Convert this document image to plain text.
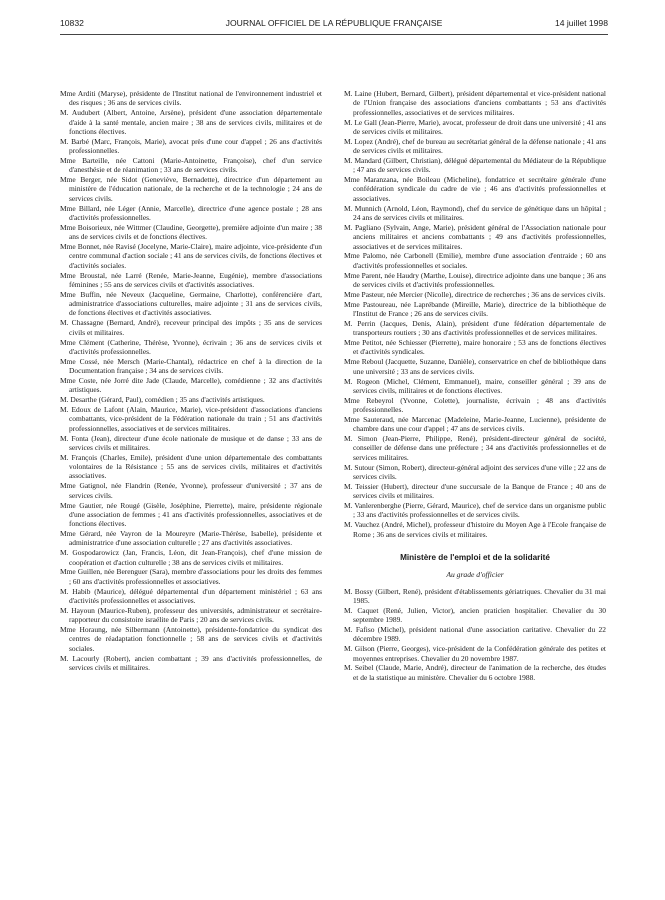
10832	JOURNAL OFFICIEL DE LA RÉPUBLIQUE FRANÇAISE	14 juillet 1998

Mme Arditi (Maryse), présidente de l'Institut national de l'environnement industriel et des risques ; 36 ans de services civils.

M. Audubert (Albert, Antoine, Arsène), président d'une association départementale d'aide à la santé mentale, ancien maire ; 38 ans de services civils, militaires et de fonctions électives.

M. Barbé (Marc, François, Marie), avocat près d'une cour d'appel ; 26 ans d'activités professionnelles.

Mme Barteille, née Cattoni (Marie-Antoinette, Françoise), chef d'un service d'anesthésie et de réanimation ; 33 ans de services civils.

Mme Berger, née Sidot (Geneviève, Bernadette), directrice d'un département au ministère de l'éducation nationale, de la recherche et de la technologie ; 24 ans de services civils.

Mme Billard, née Léger (Annie, Marcelle), directrice d'une agence postale ; 28 ans d'activités professionnelles.

Mme Boisorieux, née Wittmer (Claudine, Georgette), première adjointe d'un maire ; 38 ans de services civils et de fonctions électives.

Mme Bonnet, née Ravisé (Jocelyne, Marie-Claire), maire adjointe, vice-présidente d'un centre communal d'action sociale ; 41 ans de services civils, de fonctions électives et d'activités sociales.

Mme Broustal, née Larré (Renée, Marie-Jeanne, Eugénie), membre d'associations féminines ; 55 ans de services civils et d'activités associatives.

Mme Buffin, née Neveux (Jacqueline, Germaine, Charlotte), conférencière d'art, administratrice d'associations culturelles, maire adjointe ; 31 ans de services civils, de fonctions électives et d'activités associatives.

M. Chassagne (Bernard, André), receveur principal des impôts ; 35 ans de services civils et militaires.

Mme Clément (Catherine, Thérèse, Yvonne), écrivain ; 36 ans de services civils et d'activités professionnelles.

Mme Cossé, née Mersch (Marie-Chantal), rédactrice en chef à la direction de la Documentation française ; 34 ans de services civils.

Mme Coste, née Jorré dite Jade (Claude, Marcelle), comédienne ; 32 ans d'activités artistiques.

M. Desarthe (Gérard, Paul), comédien ; 35 ans d'activités artistiques.

M. Edoux de Lafont (Alain, Maurice, Marie), vice-président d'associations d'anciens combattants, vice-président de la Fédération nationale du train ; 51 ans d'activités professionnelles, associatives et de services militaires.

M. Fonta (Jean), directeur d'une école nationale de musique et de danse ; 33 ans de services civils et militaires.

M. François (Charles, Emile), président d'une union départementale des combattants volontaires de la Résistance ; 55 ans de services civils, militaires et d'activités associatives.

Mme Gatignol, née Flandrin (Renée, Yvonne), professeur d'université ; 37 ans de services civils.

Mme Gautier, née Rougé (Gisèle, Joséphine, Pierrette), maire, présidente régionale d'une association de femmes ; 41 ans d'activités professionnelles, associatives et de fonctions électives.

Mme Gérard, née Vayron de la Moureyre (Marie-Thérèse, Isabelle), présidente et administratrice d'une association culturelle ; 27 ans d'activités associatives.

M. Gospodarowicz (Jan, Francis, Léon, dit Jean-François), chef d'une mission de coopération et d'action culturelle ; 38 ans de services civils et militaires.

Mme Guillen, née Berenguer (Sara), membre d'associations pour les droits des femmes ; 60 ans d'activités professionnelles et associatives.

M. Habib (Maurice), délégué départemental d'un département ministériel ; 63 ans d'activités professionnelles et associatives.

M. Hayoun (Maurice-Ruben), professeur des universités, administrateur et secrétaire-rapporteur du consistoire israélite de Paris ; 20 ans de services civils.

Mme Horaung, née Silbermann (Antoinette), présidente-fondatrice du syndicat des centres de réadaptation fonctionnelle ; 58 ans de services civils et d'activités sociales.

M. Lacourly (Robert), ancien combattant ; 39 ans d'activités professionnelles, de services civils et militaires.

M. Laine (Hubert, Bernard, Gilbert), président départemental et vice-président national de l'Union française des associations d'anciens combattants ; 53 ans d'activités professionnelles, associatives et de services militaires.

M. Le Gall (Jean-Pierre, Marie), avocat, professeur de droit dans une université ; 41 ans de services civils et militaires.

M. Lopez (André), chef de bureau au secrétariat général de la défense nationale ; 41 ans de services civils et militaires.

M. Mandard (Gilbert, Christian), délégué départemental du Médiateur de la République ; 47 ans de services civils.

Mme Maranzana, née Boileau (Micheline), fondatrice et secrétaire générale d'une confédération syndicale du cadre de vie ; 46 ans d'activités professionnelles et associatives.

M. Munnich (Arnold, Léon, Raymond), chef du service de génétique dans un hôpital ; 24 ans de services civils et militaires.

M. Pagliano (Sylvain, Ange, Marie), président général de l'Association nationale pour anciens militaires et anciens combattants ; 49 ans d'activités professionnelles, associatives et de services militaires.

Mme Palomo, née Carbonell (Emilie), membre d'une association d'entraide ; 60 ans d'activités professionnelles et sociales.

Mme Parent, née Haudry (Marthe, Louise), directrice adjointe dans une banque ; 36 ans de services civils et d'activités professionnelles.

Mme Pasteur, née Mercier (Nicolle), directrice de recherches ; 36 ans de services civils.

Mme Pastoureau, née Laprébande (Mireille, Marie), directrice de la bibliothèque de l'Institut de France ; 26 ans de services civils.

M. Perrin (Jacques, Denis, Alain), président d'une fédération départementale de transporteurs routiers ; 30 ans d'activités professionnelles et de services militaires.

Mme Petitot, née Schiesser (Pierrette), maire honoraire ; 53 ans de fonctions électives et d'activités syndicales.

Mme Reboul (Jacquette, Suzanne, Danièle), conservatrice en chef de bibliothèque dans une université ; 33 ans de services civils.

M. Rogeon (Michel, Clément, Emmanuel), maire, conseiller général ; 39 ans de services civils, militaires et de fonctions électives.

Mme Rebeyrol (Yvonne, Colette), journaliste, écrivain ; 48 ans d'activités professionnelles.

Mme Sauteraud, née Marcenac (Madeleine, Marie-Jeanne, Lucienne), présidente de chambre dans une cour d'appel ; 47 ans de services civils.

M. Simon (Jean-Pierre, Philippe, René), président-directeur général de société, conseiller de défense dans une préfecture ; 34 ans d'activités professionnelles et de services militaires.

M. Sutour (Simon, Robert), directeur-général adjoint des services d'une ville ; 22 ans de services civils.

M. Teissier (Hubert), directeur d'une succursale de la Banque de France ; 40 ans de services civils et militaires.

M. Vanlerenberghe (Pierre, Gérard, Maurice), chef de service dans un organisme public ; 33 ans d'activités professionnelles et de services civils.

M. Vauchez (André, Michel), professeur d'histoire du Moyen Age à l'Ecole française de Rome ; 36 ans de services civils et militaires.

Ministère de l'emploi et de la solidarité
Au grade d'officier

M. Bossy (Gilbert, René), président d'établissements gériatriques. Chevalier du 31 mai 1985.

M. Caquet (René, Julien, Victor), ancien praticien hospitalier. Chevalier du 30 septembre 1989.

M. Fafiso (Michel), président national d'une association caritative. Chevalier du 22 décembre 1989.

M. Gilson (Pierre, Georges), vice-président de la Confédération générale des petites et moyennes entreprises. Chevalier du 20 novembre 1987.

M. Seibel (Claude, Marie, André), directeur de l'animation de la recherche, des études et de la statistique au ministère. Chevalier du 6 octobre 1988.
